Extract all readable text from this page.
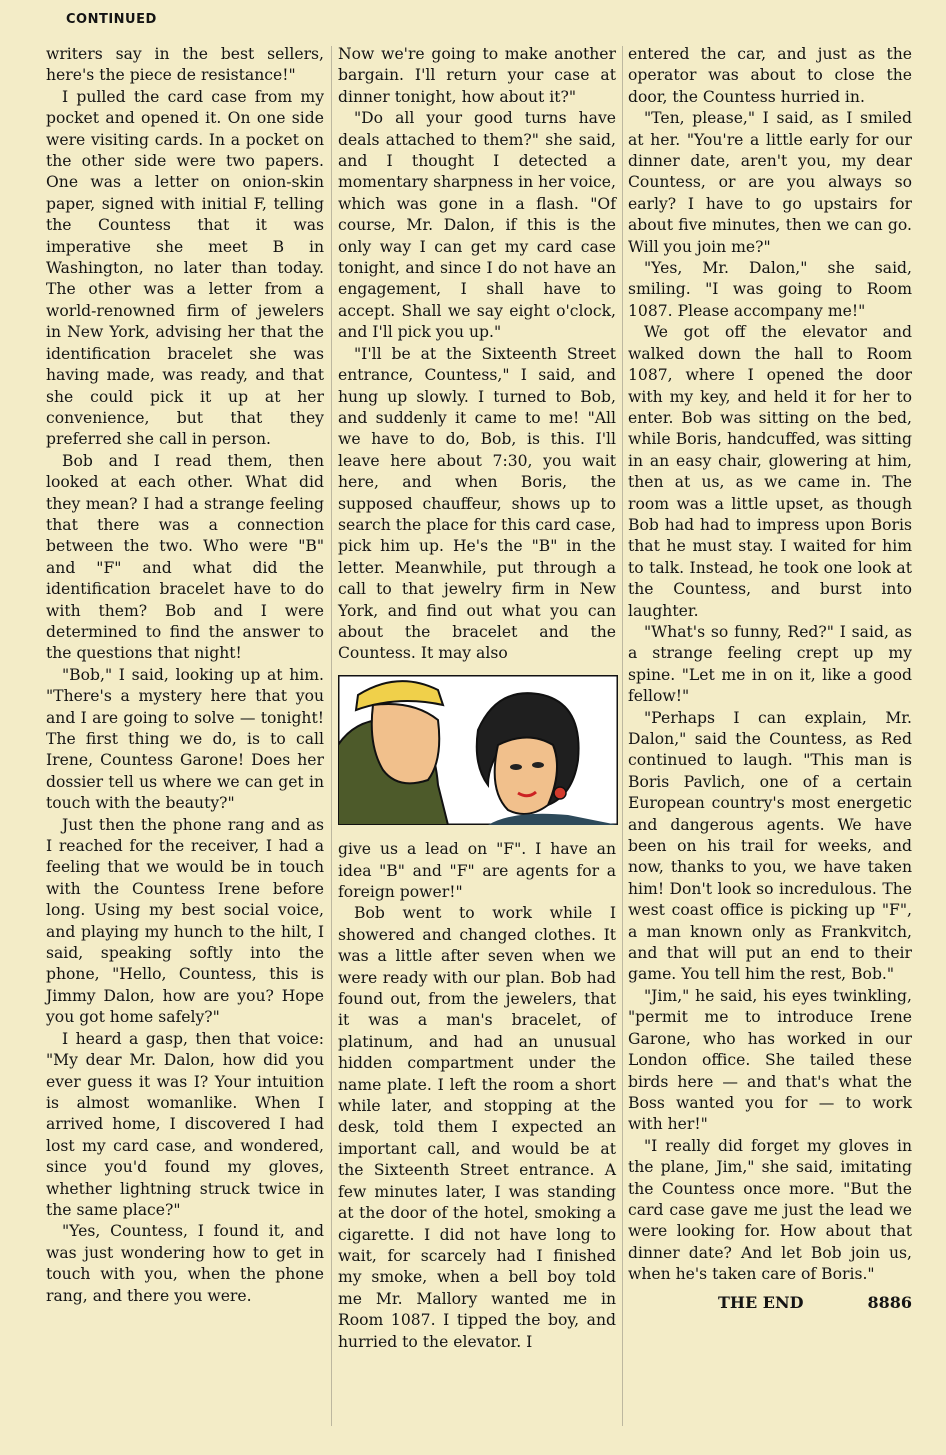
CONTINUED

writers say in the best sellers, here's the piece de resistance!"

I pulled the card case from my pocket and opened it. On one side were visiting cards. In a pocket on the other side were two papers. One was a letter on onion-skin paper, signed with initial F, telling the Countess that it was imperative she meet B in Washington, no later than today. The other was a letter from a world-renowned firm of jewelers in New York, advising her that the identification bracelet she was having made, was ready, and that she could pick it up at her convenience, but that they preferred she call in person.

Bob and I read them, then looked at each other. What did they mean? I had a strange feeling that there was a connection between the two. Who were "B" and "F" and what did the identification bracelet have to do with them? Bob and I were determined to find the answer to the questions that night!

"Bob," I said, looking up at him. "There's a mystery here that you and I are going to solve — tonight! The first thing we do, is to call Irene, Countess Garone! Does her dossier tell us where we can get in touch with the beauty?"

Just then the phone rang and as I reached for the receiver, I had a feeling that we would be in touch with the Countess Irene before long. Using my best social voice, and playing my hunch to the hilt, I said, speaking softly into the phone, "Hello, Countess, this is Jimmy Dalon, how are you? Hope you got home safely?"

I heard a gasp, then that voice: "My dear Mr. Dalon, how did you ever guess it was I? Your intuition is almost womanlike. When I arrived home, I discovered I had lost my card case, and wondered, since you'd found my gloves, whether lightning struck twice in the same place?"

"Yes, Countess, I found it, and was just wondering how to get in touch with you, when the phone rang, and there you were.

Now we're going to make another bargain. I'll return your case at dinner tonight, how about it?"

"Do all your good turns have deals attached to them?" she said, and I thought I detected a momentary sharpness in her voice, which was gone in a flash. "Of course, Mr. Dalon, if this is the only way I can get my card case tonight, and since I do not have an engagement, I shall have to accept. Shall we say eight o'clock, and I'll pick you up."

"I'll be at the Sixteenth Street entrance, Countess," I said, and hung up slowly. I turned to Bob, and suddenly it came to me! "All we have to do, Bob, is this. I'll leave here about 7:30, you wait here, and when Boris, the supposed chauffeur, shows up to search the place for this card case, pick him up. He's the "B" in the letter. Meanwhile, put through a call to that jewelry firm in New York, and find out what you can about the bracelet and the Countess. It may also

give us a lead on "F". I have an idea "B" and "F" are agents for a foreign power!"

Bob went to work while I showered and changed clothes. It was a little after seven when we were ready with our plan. Bob had found out, from the jewelers, that it was a man's bracelet, of platinum, and had an unusual hidden compartment under the name plate. I left the room a short while later, and stopping at the desk, told them I expected an important call, and would be at the Sixteenth Street entrance. A few minutes later, I was standing at the door of the hotel, smoking a cigarette. I did not have long to wait, for scarcely had I finished my smoke, when a bell boy told me Mr. Mallory wanted me in Room 1087. I tipped the boy, and hurried to the elevator. I

entered the car, and just as the operator was about to close the door, the Countess hurried in.

"Ten, please," I said, as I smiled at her. "You're a little early for our dinner date, aren't you, my dear Countess, or are you always so early? I have to go upstairs for about five minutes, then we can go. Will you join me?"

"Yes, Mr. Dalon," she said, smiling. "I was going to Room 1087. Please accompany me!"

We got off the elevator and walked down the hall to Room 1087, where I opened the door with my key, and held it for her to enter. Bob was sitting on the bed, while Boris, handcuffed, was sitting in an easy chair, glowering at him, then at us, as we came in. The room was a little upset, as though Bob had had to impress upon Boris that he must stay. I waited for him to talk. Instead, he took one look at the Countess, and burst into laughter.

"What's so funny, Red?" I said, as a strange feeling crept up my spine. "Let me in on it, like a good fellow!"

"Perhaps I can explain, Mr. Dalon," said the Countess, as Red continued to laugh. "This man is Boris Pavlich, one of a certain European country's most energetic and dangerous agents. We have been on his trail for weeks, and now, thanks to you, we have taken him! Don't look so incredulous. The west coast office is picking up "F", a man known only as Frankvitch, and that will put an end to their game. You tell him the rest, Bob."

"Jim," he said, his eyes twinkling, "permit me to introduce Irene Garone, who has worked in our London office. She tailed these birds here — and that's what the Boss wanted you for — to work with her!"

"I really did forget my gloves in the plane, Jim," she said, imitating the Countess once more. "But the card case gave me just the lead we were looking for. How about that dinner date? And let Bob join us, when he's taken care of Boris."

THE END	8886
